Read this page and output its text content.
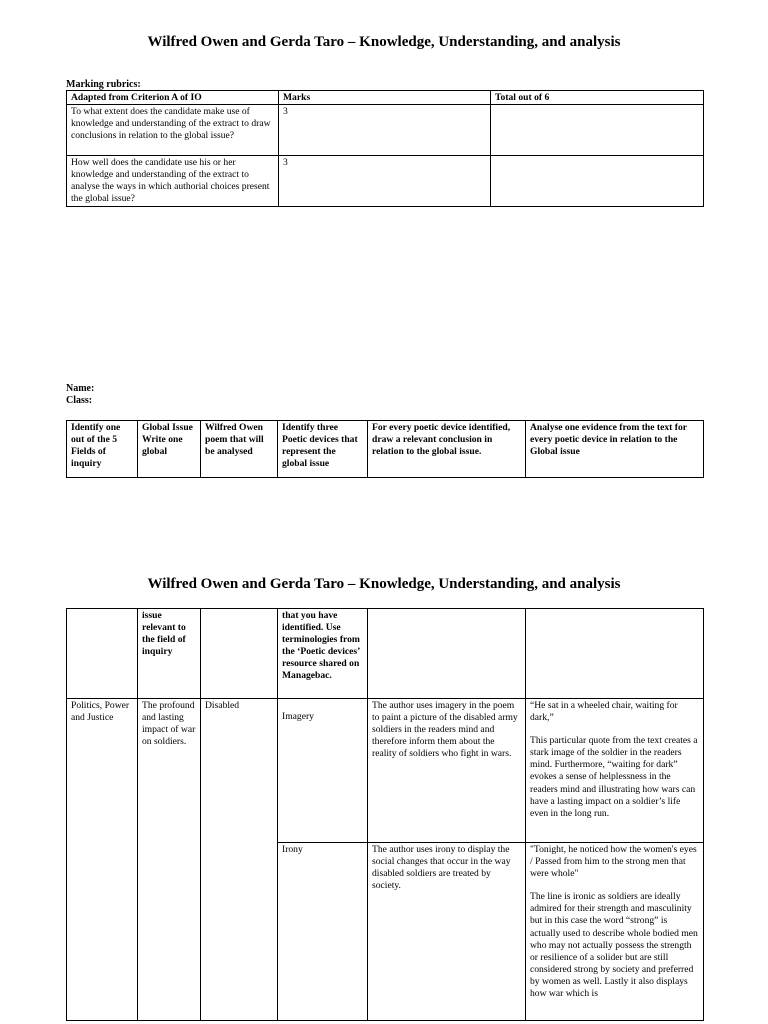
Wilfred Owen and Gerda Taro – Knowledge, Understanding, and analysis
Marking rubrics:
Adapted from Criterion A of IO	Marks	Total out of 6
To what extent does the candidate make use of knowledge and understanding of the extract to draw conclusions in relation to the global issue?	3	
How well does the candidate use his or her knowledge and understanding of the extract to analyse the ways in which authorial choices present the global issue?	3	
Name:
Class:
Identify one out of the 5 Fields of inquiry	Global Issue Write one global	Wilfred Owen poem that will be analysed	Identify three Poetic devices that represent the global issue	For every poetic device identified, draw a relevant conclusion in relation to the global issue.	Analyse one evidence from the text for every poetic device in relation to the Global issue
Wilfred Owen and Gerda Taro – Knowledge, Understanding, and analysis
	issue relevant to the field of inquiry		that you have identified. Use terminologies from the ‘Poetic devices’ resource shared on Managebac.		
Politics, Power and Justice	The profound and lasting impact of war on soldiers.	Disabled	Imagery	The author uses imagery in the poem to paint a picture of the disabled army soldiers in the readers mind and therefore inform them about the reality of soldiers who fight in wars.	“He sat in a wheeled chair, waiting for dark,”
This particular quote from the text creates a stark image of the soldier in the readers mind. Furthermore, “waiting for dark” evokes a sense of helplessness in the readers mind and illustrating how wars can have a lasting impact on a soldier’s life even in the long run.
			Irony	The author uses irony to display the social changes that occur in the way disabled soldiers are treated by society.	"Tonight, he noticed how the women's eyes / Passed from him to the strong men that were whole"
The line is ironic as soldiers are ideally admired for their strength and masculinity but in this case the word “strong” is actually used to describe whole bodied men who may not actually possess the strength or resilience of a solider but are still considered strong by society and preferred by women as well. Lastly it also displays how war which is
